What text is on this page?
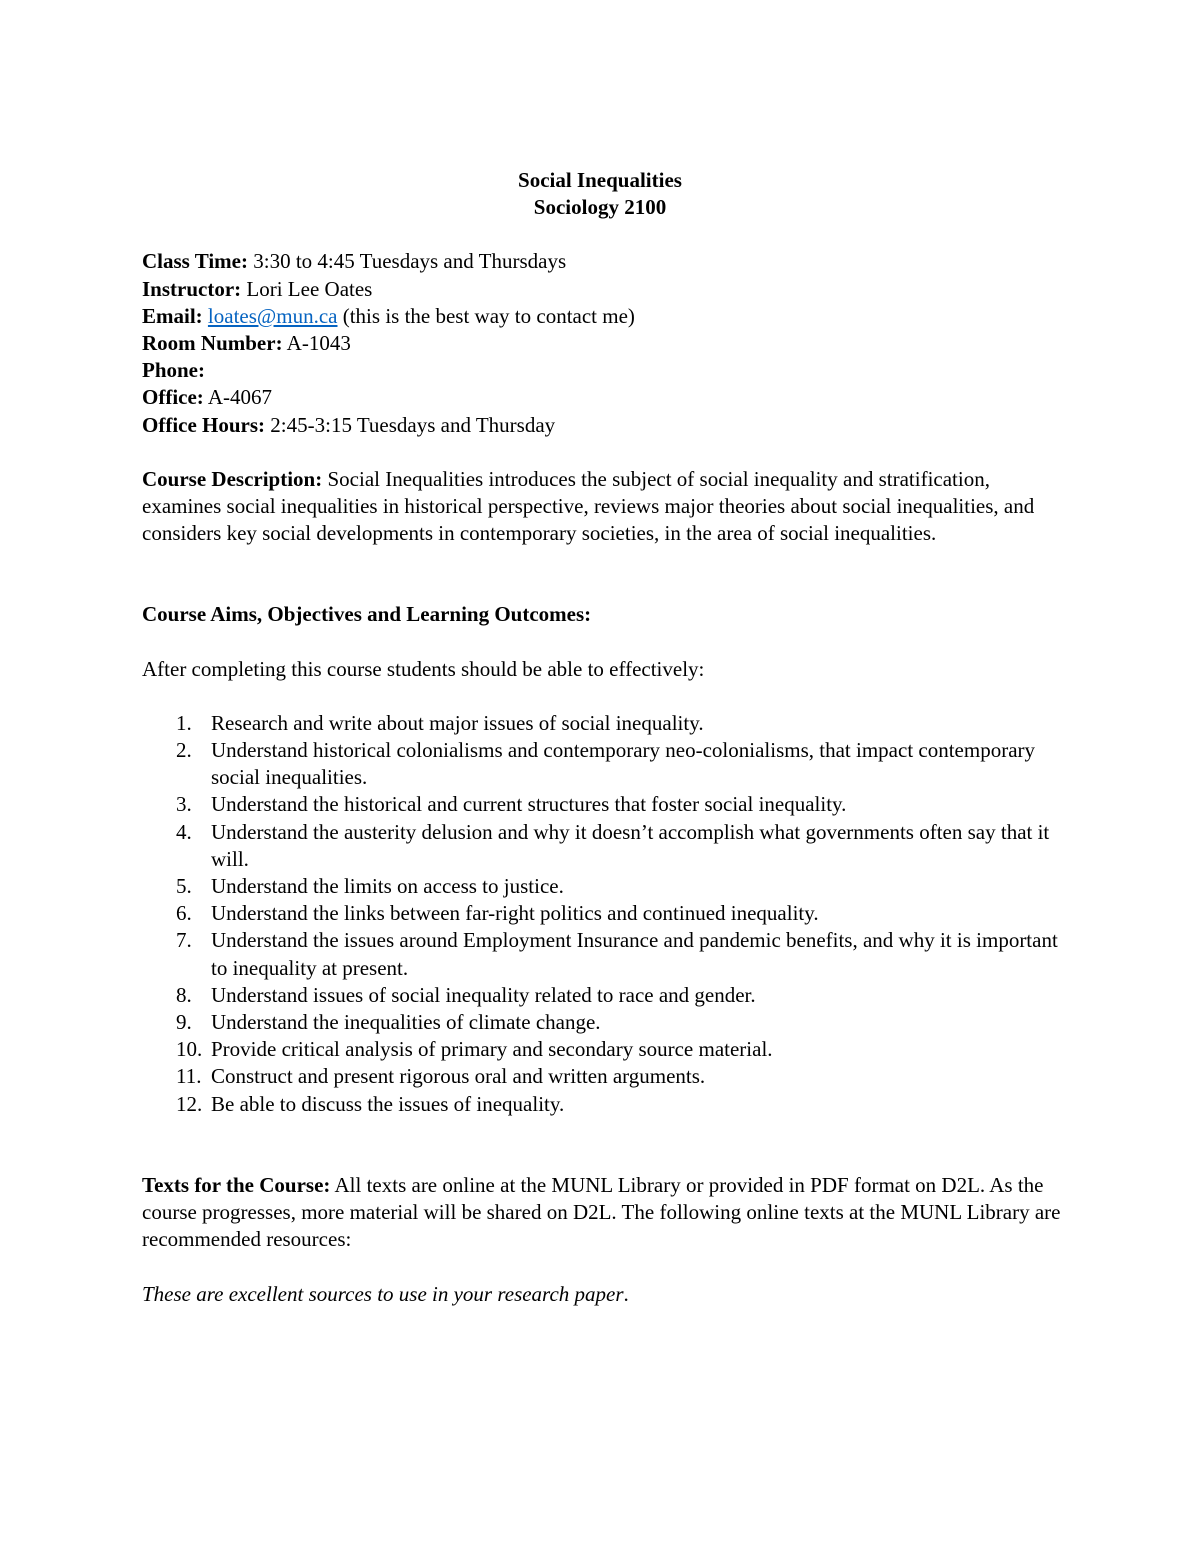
Social Inequalities
Sociology 2100
Class Time: 3:30 to 4:45 Tuesdays and Thursdays
Instructor: Lori Lee Oates
Email: loates@mun.ca (this is the best way to contact me)
Room Number: A-1043
Phone:
Office: A-4067
Office Hours: 2:45-3:15 Tuesdays and Thursday

Course Description: Social Inequalities introduces the subject of social inequality and stratification, examines social inequalities in historical perspective, reviews major theories about social inequalities, and considers key social developments in contemporary societies, in the area of social inequalities.

Course Aims, Objectives and Learning Outcomes:
After completing this course students should be able to effectively:
1. Research and write about major issues of social inequality.
2. Understand historical colonialisms and contemporary neo-colonialisms, that impact contemporary social inequalities.
3. Understand the historical and current structures that foster social inequality.
4. Understand the austerity delusion and why it doesn’t accomplish what governments often say that it will.
5. Understand the limits on access to justice.
6. Understand the links between far-right politics and continued inequality.
7. Understand the issues around Employment Insurance and pandemic benefits, and why it is important to inequality at present.
8. Understand issues of social inequality related to race and gender.
9. Understand the inequalities of climate change.
10. Provide critical analysis of primary and secondary source material.
11. Construct and present rigorous oral and written arguments.
12. Be able to discuss the issues of inequality.

Texts for the Course: All texts are online at the MUNL Library or provided in PDF format on D2L. As the course progresses, more material will be shared on D2L. The following online texts at the MUNL Library are recommended resources:

These are excellent sources to use in your research paper.
